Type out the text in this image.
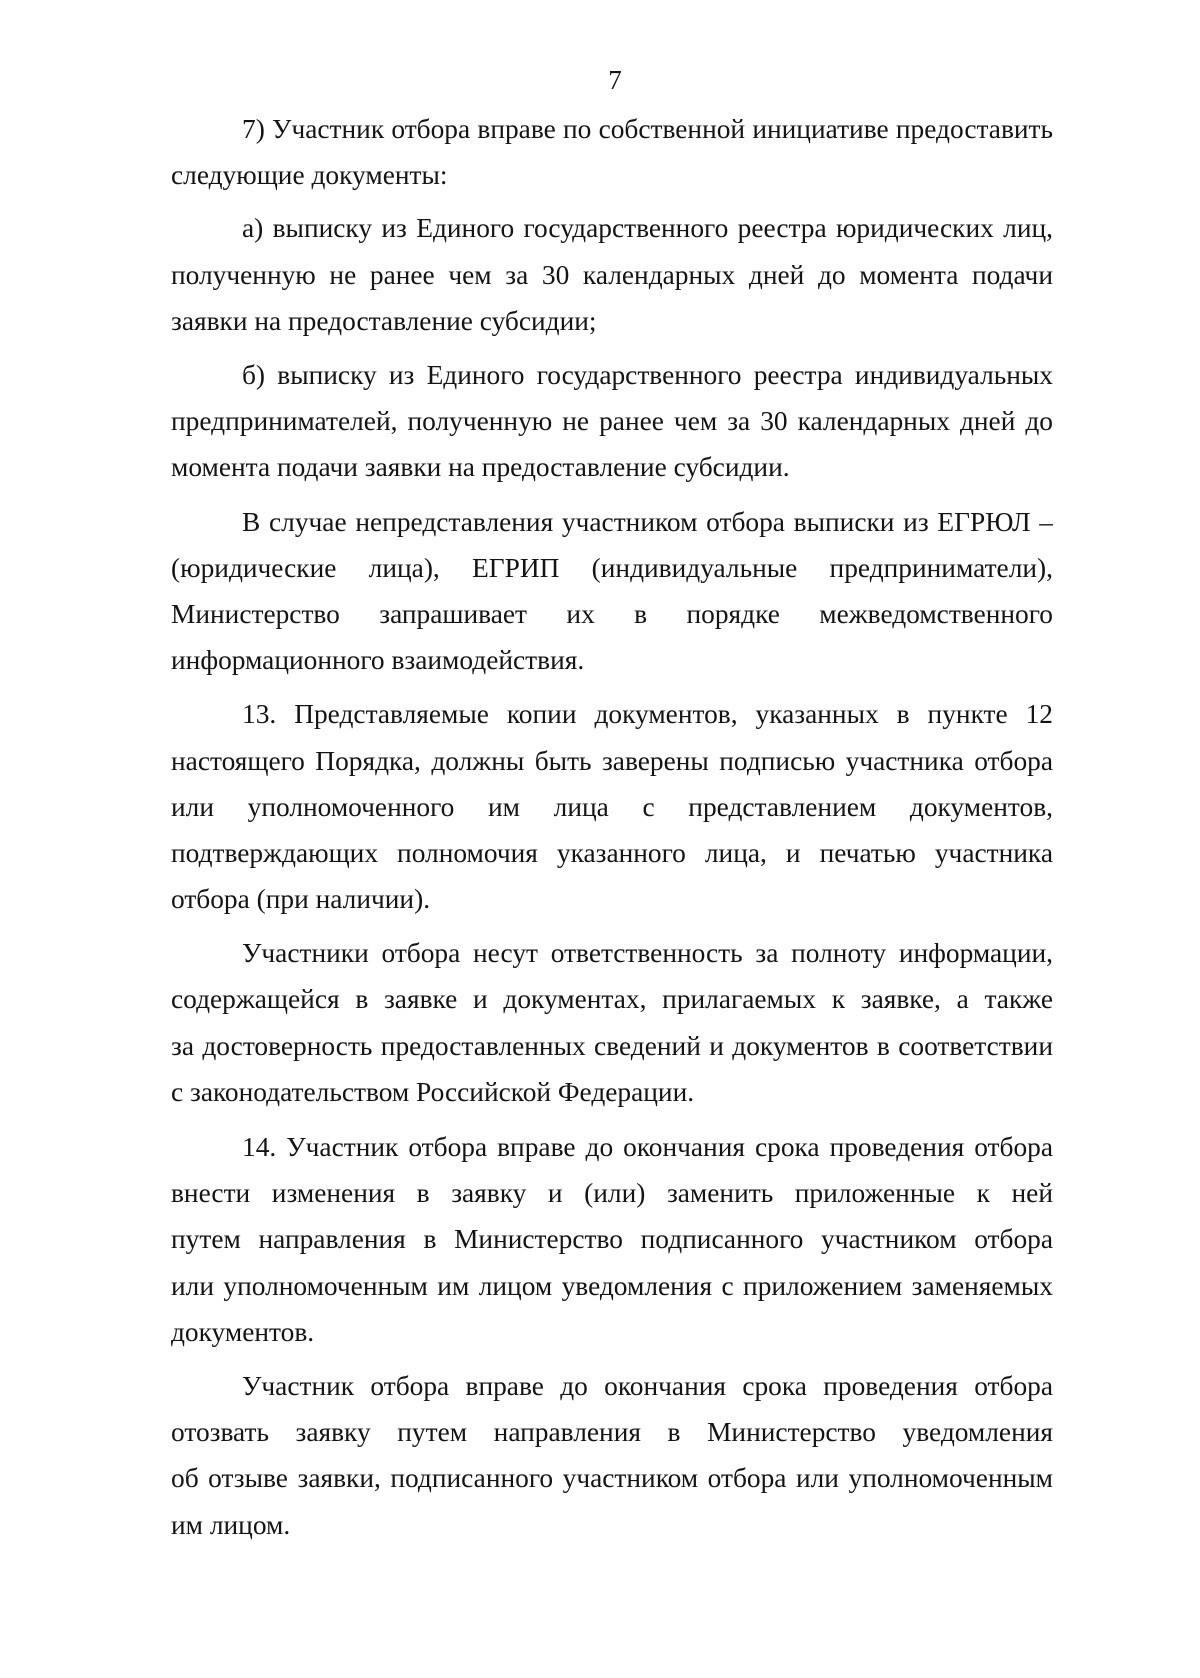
7
7) Участник отбора вправе по собственной инициативе предоставить
следующие документы:
а) выписку из Единого государственного реестра юридических лиц,
полученную не ранее чем за 30 календарных дней до момента подачи
заявки на предоставление субсидии;
б) выписку из Единого государственного реестра индивидуальных
предпринимателей, полученную не ранее чем за 30 календарных дней до
момента подачи заявки на предоставление субсидии.
В случае непредставления участником отбора выписки из ЕГРЮЛ –
(юридические лица), ЕГРИП (индивидуальные предприниматели),
Министерство запрашивает их в порядке межведомственного
информационного взаимодействия.
13. Представляемые копии документов, указанных в пункте 12
настоящего Порядка, должны быть заверены подписью участника отбора
или уполномоченного им лица с представлением документов,
подтверждающих полномочия указанного лица, и печатью участника
отбора (при наличии).
Участники отбора несут ответственность за полноту информации,
содержащейся в заявке и документах, прилагаемых к заявке, а также
за достоверность предоставленных сведений и документов в соответствии
с законодательством Российской Федерации.
14. Участник отбора вправе до окончания срока проведения отбора
внести изменения в заявку и (или) заменить приложенные к ней
путем направления в Министерство подписанного участником отбора
или уполномоченным им лицом уведомления с приложением заменяемых
документов.
Участник отбора вправе до окончания срока проведения отбора
отозвать заявку путем направления в Министерство уведомления
об отзыве заявки, подписанного участником отбора или уполномоченным
им лицом.
